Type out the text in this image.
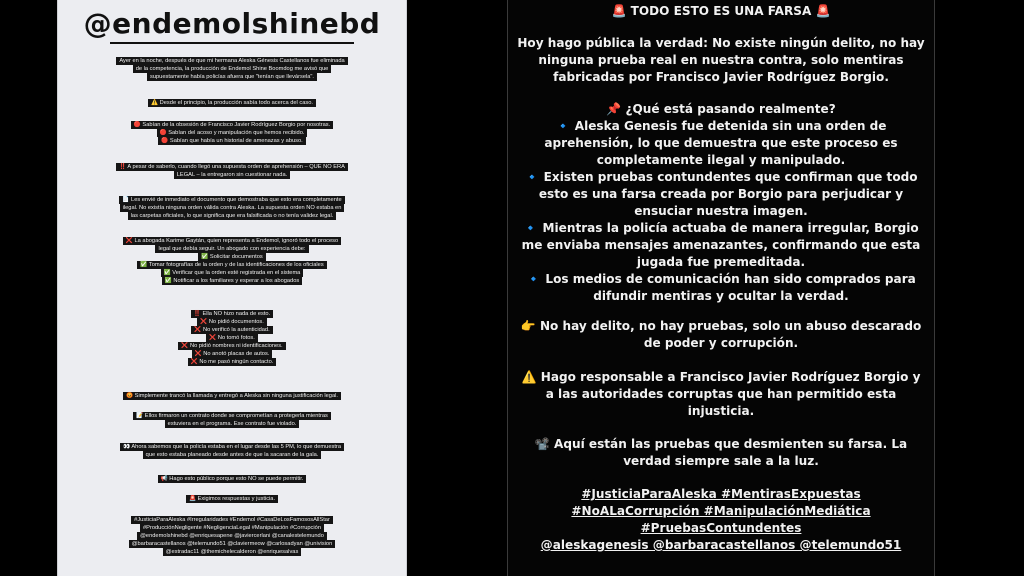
@endemolshinebd
Ayer en la noche, después de que mi hermana Aleska Génesis Castellanos fue eliminada
de la competencia, la producción de Endemol Shine Boomdog me avisó que
supuestamente había policías afuera que "tenían que llevársela".
⚠️ Desde el principio, la producción sabía todo acerca del caso.
🔴 Sabían de la obsesión de Francisco Javier Rodríguez Borgio por nosotras.
🔴 Sabían del acoso y manipulación que hemos recibido.
🔴 Sabían que había un historial de amenazas y abuso.
‼️ A pesar de saberlo, cuando llegó una supuesta orden de aprehensión – QUE NO ERA
LEGAL – la entregaron sin cuestionar nada.
📄 Les envié de inmediato el documento que demostraba que esto era completamente
ilegal. No existía ninguna orden válida contra Aleska. La supuesta orden NO estaba en
las carpetas oficiales, lo que significa que era falsificada o no tenía validez legal.
❌ La abogada Karime Gaytán, quien representa a Endemol, ignoró todo el proceso
legal que debía seguir. Un abogado con experiencia debe:
✅ Solicitar documentos
✅ Tomar fotografías de la orden y de las identificaciones de los oficiales
✅ Verificar que la orden esté registrada en el sistema
✅ Notificar a los familiares y esperar a los abogados
‼️ Ella NO hizo nada de esto.
❌ No pidió documentos.
❌ No verificó la autenticidad.
❌ No tomó fotos.
❌ No pidió nombres ni identificaciones.
❌ No anotó placas de autos.
❌ No me pasó ningún contacto.
😡 Simplemente trancó la llamada y entregó a Aleska sin ninguna justificación legal.
📝 Ellos firmaron un contrato donde se comprometían a protegerla mientras
estuviera en el programa. Ese contrato fue violado.
👀 Ahora sabemos que la policía estaba en el lugar desde las 5 PM, lo que demuestra
que esto estaba planeado desde antes de que la sacaran de la gala.
📢 Hago esto público porque esto NO se puede permitir.
🚨 Exigimos respuestas y justicia.
#JusticiaParaAleska #Irregularidades #Endemol #CasaDeLosFamososAllStar
#ProducciónNegligente #NegligenciaLegal #Manipulación #Corrupción
@endemolshinebd @enriquesapene @javiercerlani @canalestelemundo
@barbaracastellanos @telemundo51 @claviermeow @carlosadyan @univision
@estradac11 @themichelecalderon @enriquesalvas
🚨 TODO ESTO ES UNA FARSA 🚨
Hoy hago pública la verdad: No existe ningún delito, no hay
ninguna prueba real en nuestra contra, solo mentiras
fabricadas por Francisco Javier Rodríguez Borgio.
📌 ¿Qué está pasando realmente?
🔹 Aleska Genesis fue detenida sin una orden de
aprehensión, lo que demuestra que este proceso es
completamente ilegal y manipulado.
🔹 Existen pruebas contundentes que confirman que todo
esto es una farsa creada por Borgio para perjudicar y
ensuciar nuestra imagen.
🔹 Mientras la policía actuaba de manera irregular, Borgio
me enviaba mensajes amenazantes, confirmando que esta
jugada fue premeditada.
🔹 Los medios de comunicación han sido comprados para
difundir mentiras y ocultar la verdad.
👉 No hay delito, no hay pruebas, solo un abuso descarado
de poder y corrupción.
⚠️ Hago responsable a Francisco Javier Rodríguez Borgio y
a las autoridades corruptas que han permitido esta
injusticia.
📽️ Aquí están las pruebas que desmienten su farsa. La
verdad siempre sale a la luz.
#JusticiaParaAleska #MentirasExpuestas
#NoALaCorrupción #ManipulaciónMediática
#PruebasContundentes
@aleskagenesis @barbaracastellanos @telemundo51
